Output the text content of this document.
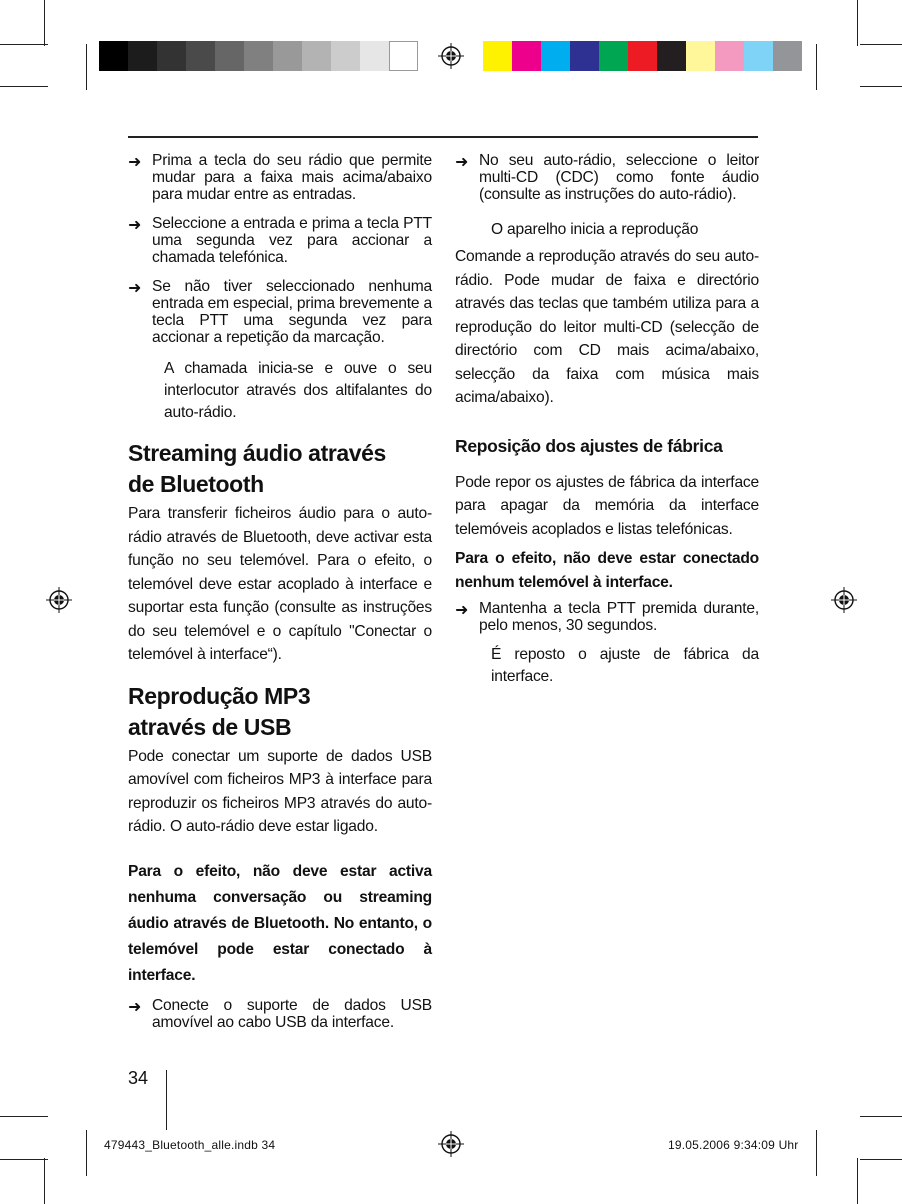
➜ Prima a tecla do seu rádio que permite mudar para a faixa mais acima/abaixo para mudar entre as entradas.

➜ Seleccione a entrada e prima a tecla PTT uma segunda vez para accionar a chamada telefónica.

➜ Se não tiver seleccionado nenhuma entrada em especial, prima brevemente a tecla PTT uma segunda vez para accionar a repetição da marcação.

A chamada inicia-se e ouve o seu interlocutor através dos altifalantes do auto-rádio.

Streaming áudio através
de Bluetooth

Para transferir ficheiros áudio para o auto-rádio através de Bluetooth, deve activar esta função no seu telemóvel. Para o efeito, o telemóvel deve estar acoplado à interface e suportar esta função (consulte as instruções do seu telemóvel e o capítulo "Conectar o telemóvel à interface“).

Reprodução MP3
através de USB

Pode conectar um suporte de dados USB amovível com ficheiros MP3 à interface para reproduzir os ficheiros MP3 através do auto-rádio. O auto-rádio deve estar ligado.

Para o efeito, não deve estar activa nenhuma conversação ou streaming áudio através de Bluetooth. No entanto, o telemóvel pode estar conectado à interface.

➜ Conecte o suporte de dados USB amovível ao cabo USB da interface.

➜ No seu auto-rádio, seleccione o leitor multi-CD (CDC) como fonte áudio (consulte as instruções do auto-rádio).

O aparelho inicia a reprodução

Comande a reprodução através do seu auto-rádio. Pode mudar de faixa e directório através das teclas que também utiliza para a reprodução do leitor multi-CD (selecção de directório com CD mais acima/abaixo, selecção da faixa com música mais acima/abaixo).

Reposição dos ajustes de fábrica

Pode repor os ajustes de fábrica da interface para apagar da memória da interface telemóveis acoplados e listas telefónicas.

Para o efeito, não deve estar conectado nenhum telemóvel à interface.

➜ Mantenha a tecla PTT premida durante, pelo menos, 30 segundos.

É reposto o ajuste de fábrica da interface.

34
479443_Bluetooth_alle.indb 34	19.05.2006 9:34:09 Uhr
